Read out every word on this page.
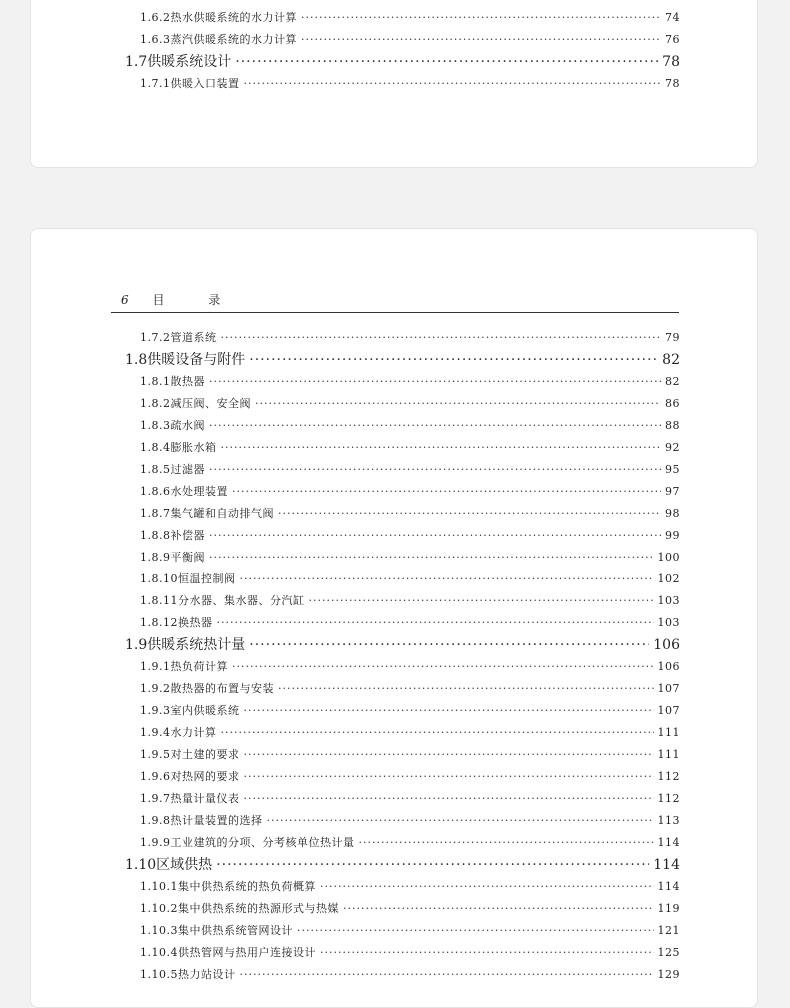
1.6.2 热水供暖系统的水力计算 ·····	74
1.6.3 蒸汽供暖系统的水力计算 ·····	76
1.7 供暖系统设计 ·····	78
1.7.1 供暖入口装置 ·····	78
6 目 录
1.7.2 管道系统 ·····	79
1.8 供暖设备与附件 ·····	82
1.8.1 散热器 ·····	82
1.8.2 减压阀、安全阀 ·····	86
1.8.3 疏水阀 ·····	88
1.8.4 膨胀水箱 ·····	92
1.8.5 过滤器 ·····	95
1.8.6 水处理装置 ·····	97
1.8.7 集气罐和自动排气阀 ·····	98
1.8.8 补偿器 ·····	99
1.8.9 平衡阀 ·····	100
1.8.10 恒温控制阀 ·····	102
1.8.11 分水器、集水器、分汽缸 ·····	103
1.8.12 换热器 ·····	103
1.9 供暖系统热计量 ·····	106
1.9.1 热负荷计算 ·····	106
1.9.2 散热器的布置与安装 ·····	107
1.9.3 室内供暖系统 ·····	107
1.9.4 水力计算 ·····	111
1.9.5 对土建的要求 ·····	111
1.9.6 对热网的要求 ·····	112
1.9.7 热量计量仪表 ·····	112
1.9.8 热计量装置的选择 ·····	113
1.9.9 工业建筑的分项、分考核单位热计量 ·····	114
1.10 区域供热 ·····	114
1.10.1 集中供热系统的热负荷概算 ·····	114
1.10.2 集中供热系统的热源形式与热媒 ·····	119
1.10.3 集中供热系统管网设计 ·····	121
1.10.4 供热管网与热用户连接设计 ·····	125
1.10.5 热力站设计 ·····	129
